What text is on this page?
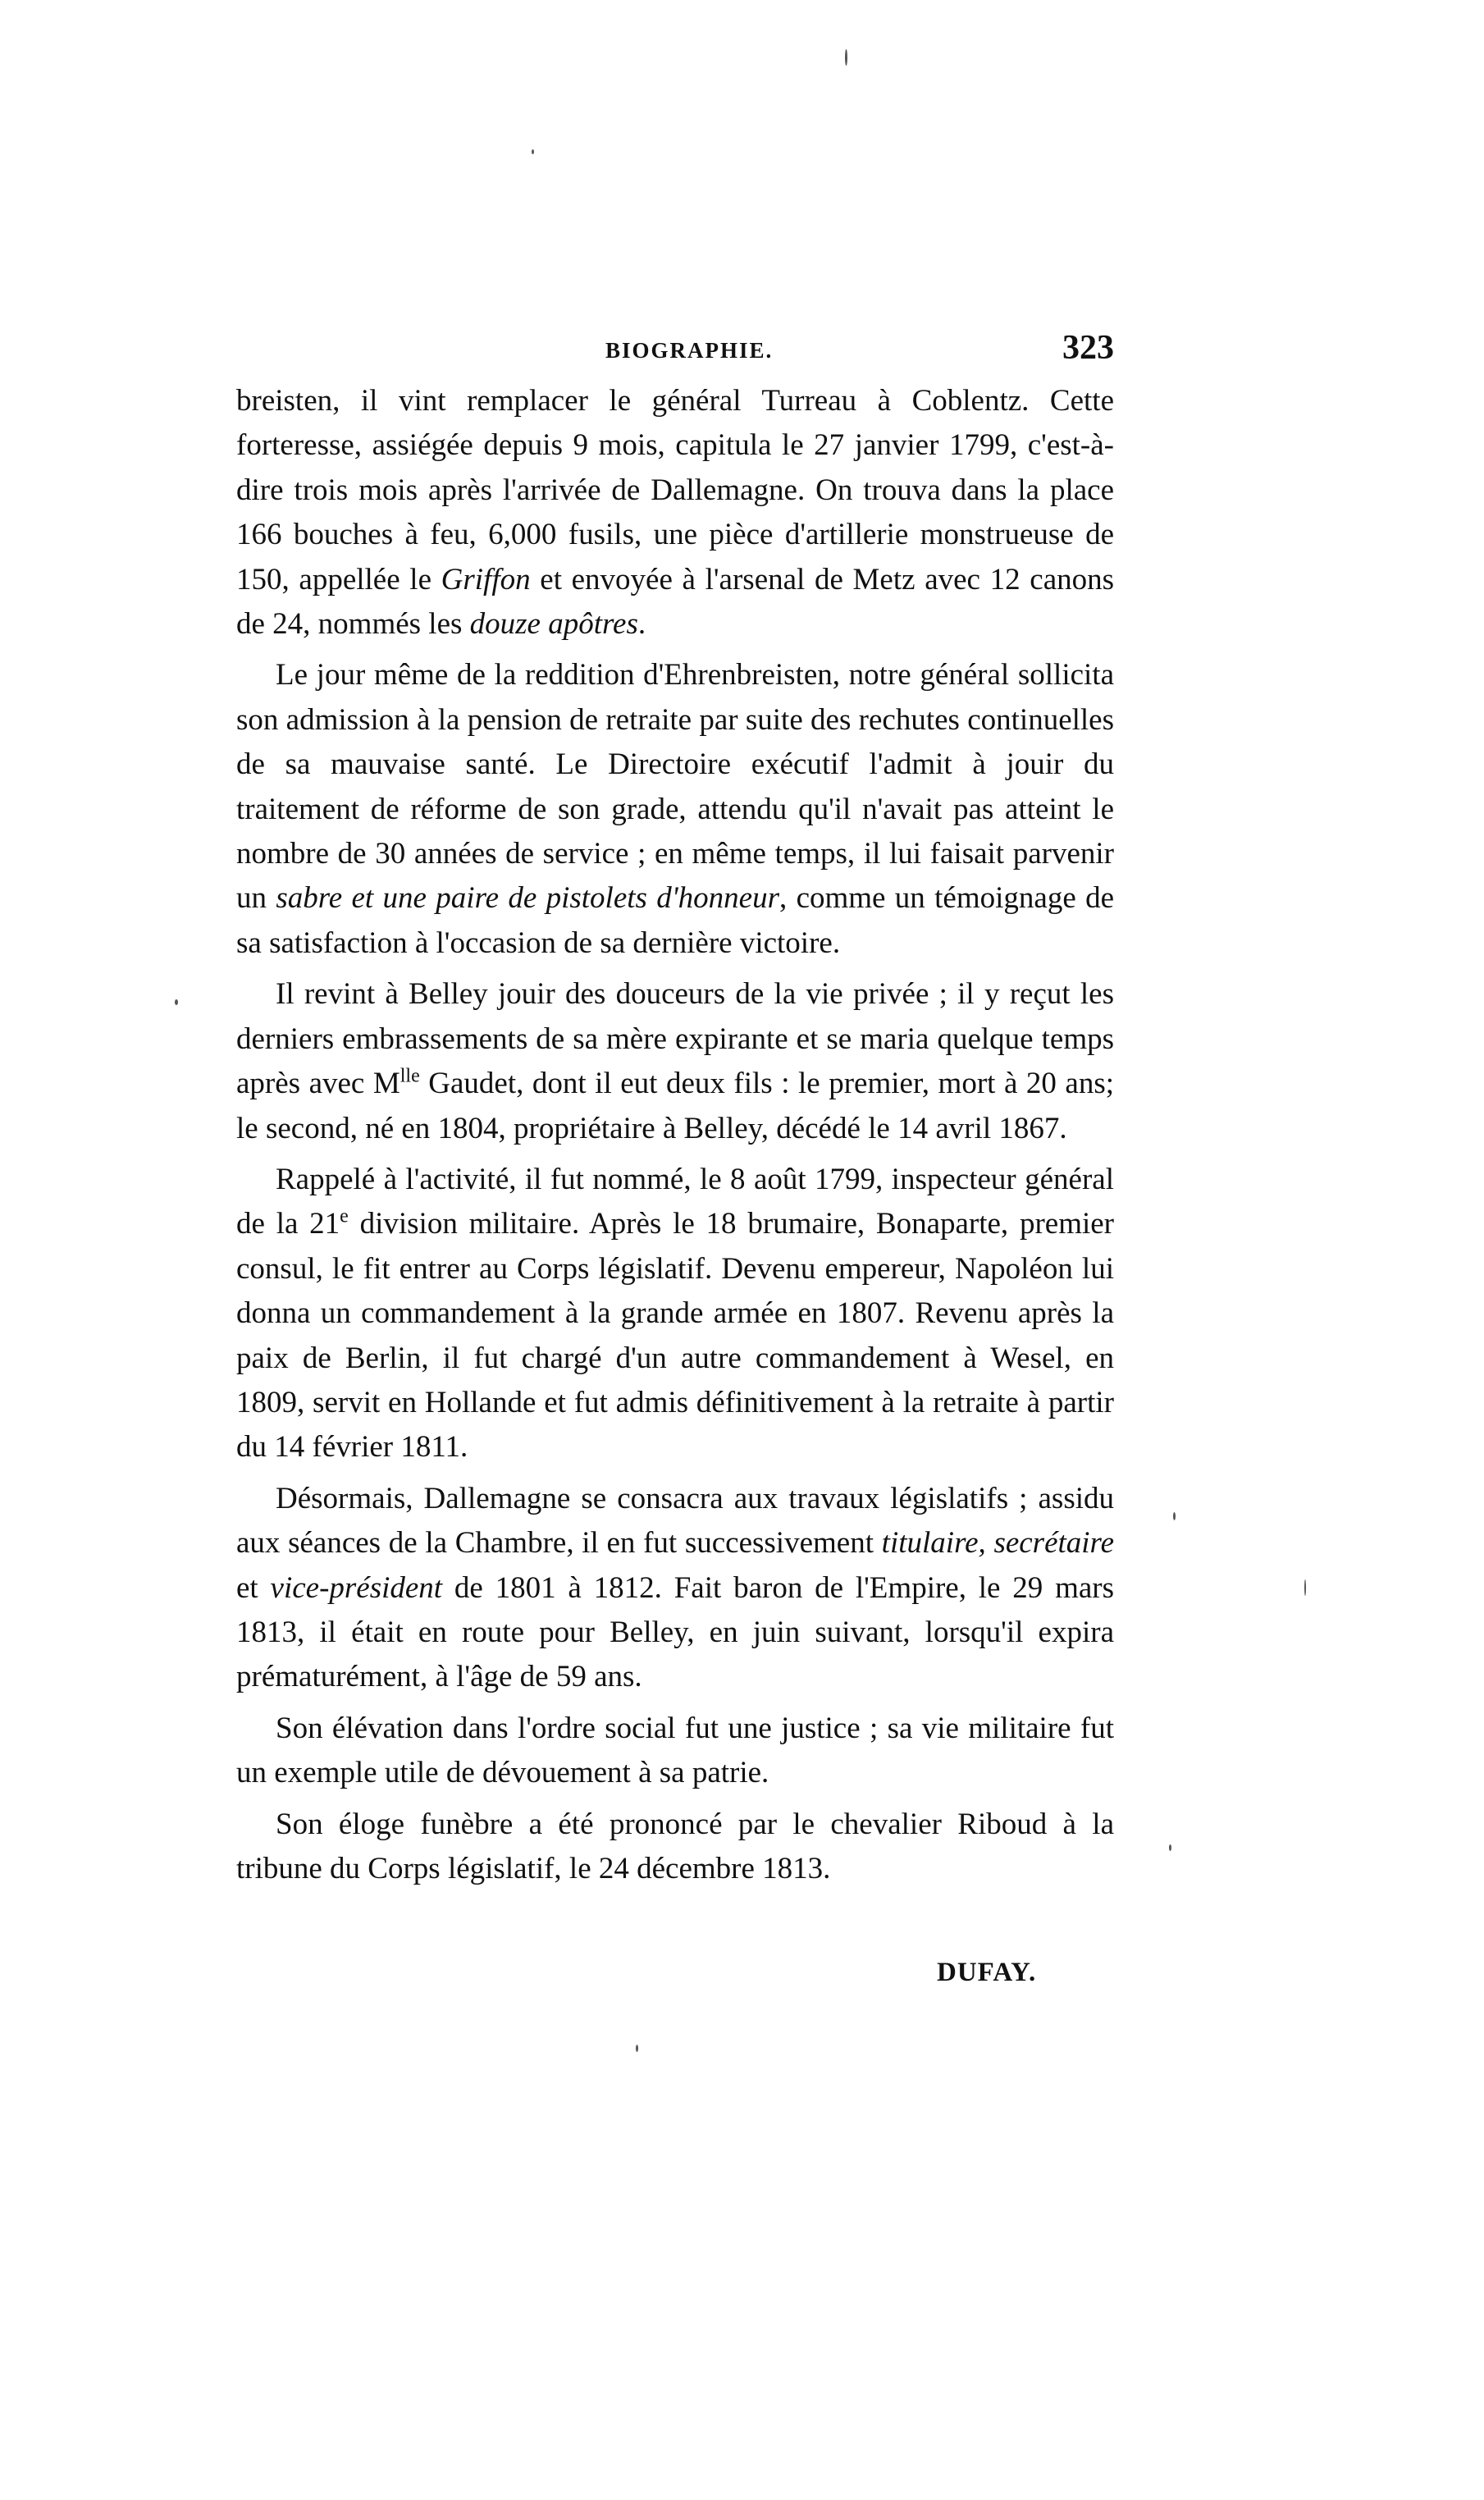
BIOGRAPHIE.	323

breisten, il vint remplacer le général Turreau à Coblentz. Cette forteresse, assiégée depuis 9 mois, capitula le 27 janvier 1799, c'est-à-dire trois mois après l'arrivée de Dallemagne. On trouva dans la place 166 bouches à feu, 6,000 fusils, une pièce d'artillerie monstrueuse de 150, appellée le Griffon et envoyée à l'arsenal de Metz avec 12 canons de 24, nommés les douze apôtres.

Le jour même de la reddition d'Ehrenbreisten, notre général sollicita son admission à la pension de retraite par suite des rechutes continuelles de sa mauvaise santé. Le Directoire exécutif l'admit à jouir du traitement de réforme de son grade, attendu qu'il n'avait pas atteint le nombre de 30 années de service ; en même temps, il lui faisait parvenir un sabre et une paire de pistolets d'honneur, comme un témoignage de sa satisfaction à l'occasion de sa dernière victoire.

Il revint à Belley jouir des douceurs de la vie privée ; il y reçut les derniers embrassements de sa mère expirante et se maria quelque temps après avec $M^{lle}$ Gaudet, dont il eut deux fils : le premier, mort à 20 ans; le second, né en 1804, propriétaire à Belley, décédé le 14 avril 1867.

Rappelé à l'activité, il fut nommé, le 8 août 1799, inspecteur général de la 21e division militaire. Après le 18 brumaire, Bonaparte, premier consul, le fit entrer au Corps législatif. Devenu empereur, Napoléon lui donna un commandement à la grande armée en 1807. Revenu après la paix de Berlin, il fut chargé d'un autre commandement à Wesel, en 1809, servit en Hollande et fut admis définitivement à la retraite à partir du 14 février 1811.

Désormais, Dallemagne se consacra aux travaux législatifs ; assidu aux séances de la Chambre, il en fut successivement titulaire, secrétaire et vice-président de 1801 à 1812. Fait baron de l'Empire, le 29 mars 1813, il était en route pour Belley, en juin suivant, lorsqu'il expira prématurément, à l'âge de 59 ans.

Son élévation dans l'ordre social fut une justice ; sa vie militaire fut un exemple utile de dévouement à sa patrie.

Son éloge funèbre a été prononcé par le chevalier Riboud à la tribune du Corps législatif, le 24 décembre 1813.

DUFAY.
